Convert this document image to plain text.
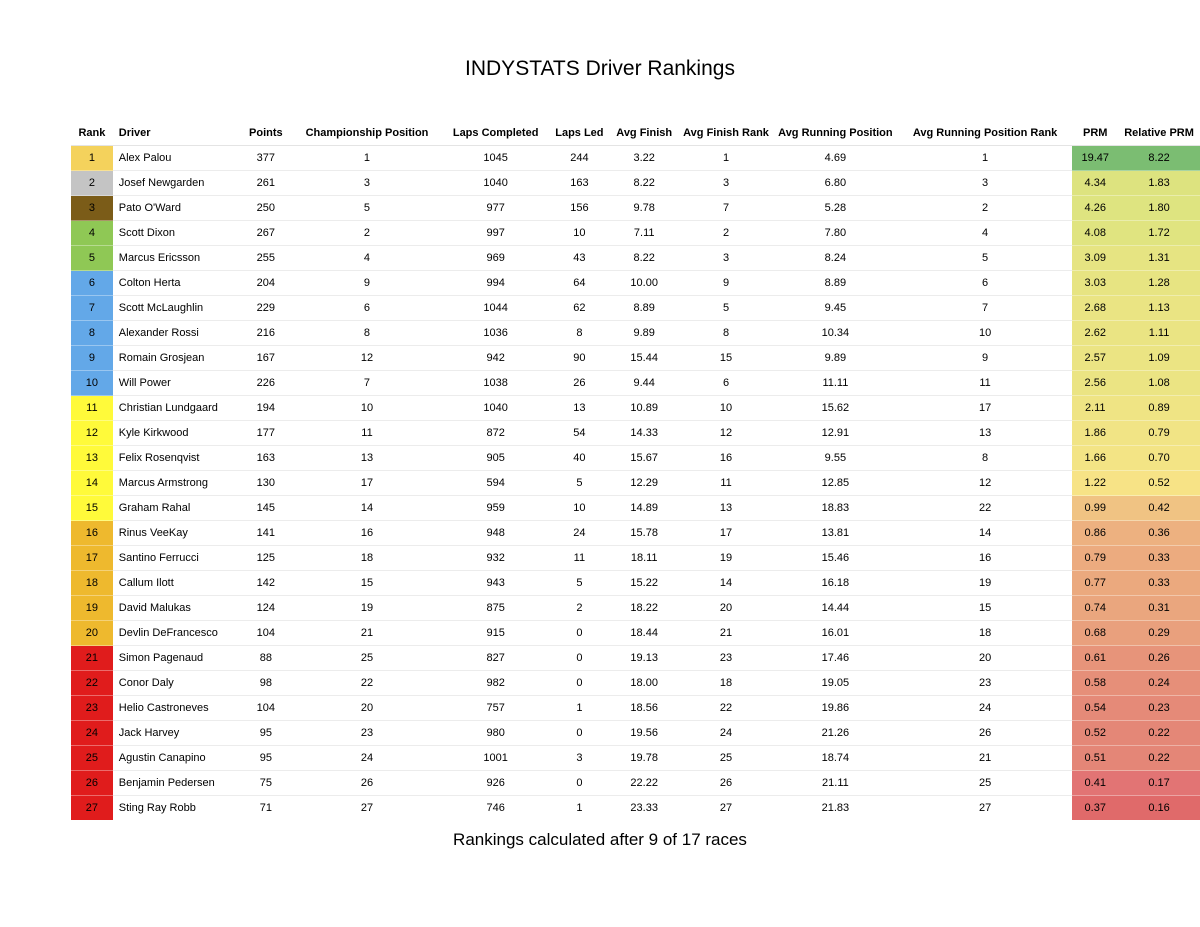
INDYSTATS Driver Rankings
Rank	Driver	Points	Championship Position	Laps Completed	Laps Led	Avg Finish	Avg Finish Rank	Avg Running Position	Avg Running Position Rank	PRM	Relative PRM
1	Alex Palou	377	1	1045	244	3.22	1	4.69	1	19.47	8.22
2	Josef Newgarden	261	3	1040	163	8.22	3	6.80	3	4.34	1.83
3	Pato O'Ward	250	5	977	156	9.78	7	5.28	2	4.26	1.80
4	Scott Dixon	267	2	997	10	7.11	2	7.80	4	4.08	1.72
5	Marcus Ericsson	255	4	969	43	8.22	3	8.24	5	3.09	1.31
6	Colton Herta	204	9	994	64	10.00	9	8.89	6	3.03	1.28
7	Scott McLaughlin	229	6	1044	62	8.89	5	9.45	7	2.68	1.13
8	Alexander Rossi	216	8	1036	8	9.89	8	10.34	10	2.62	1.11
9	Romain Grosjean	167	12	942	90	15.44	15	9.89	9	2.57	1.09
10	Will Power	226	7	1038	26	9.44	6	11.11	11	2.56	1.08
11	Christian Lundgaard	194	10	1040	13	10.89	10	15.62	17	2.11	0.89
12	Kyle Kirkwood	177	11	872	54	14.33	12	12.91	13	1.86	0.79
13	Felix Rosenqvist	163	13	905	40	15.67	16	9.55	8	1.66	0.70
14	Marcus Armstrong	130	17	594	5	12.29	11	12.85	12	1.22	0.52
15	Graham Rahal	145	14	959	10	14.89	13	18.83	22	0.99	0.42
16	Rinus VeeKay	141	16	948	24	15.78	17	13.81	14	0.86	0.36
17	Santino Ferrucci	125	18	932	11	18.11	19	15.46	16	0.79	0.33
18	Callum Ilott	142	15	943	5	15.22	14	16.18	19	0.77	0.33
19	David Malukas	124	19	875	2	18.22	20	14.44	15	0.74	0.31
20	Devlin DeFrancesco	104	21	915	0	18.44	21	16.01	18	0.68	0.29
21	Simon Pagenaud	88	25	827	0	19.13	23	17.46	20	0.61	0.26
22	Conor Daly	98	22	982	0	18.00	18	19.05	23	0.58	0.24
23	Helio Castroneves	104	20	757	1	18.56	22	19.86	24	0.54	0.23
24	Jack Harvey	95	23	980	0	19.56	24	21.26	26	0.52	0.22
25	Agustin Canapino	95	24	1001	3	19.78	25	18.74	21	0.51	0.22
26	Benjamin Pedersen	75	26	926	0	22.22	26	21.11	25	0.41	0.17
27	Sting Ray Robb	71	27	746	1	23.33	27	21.83	27	0.37	0.16
Rankings calculated after 9 of 17 races
